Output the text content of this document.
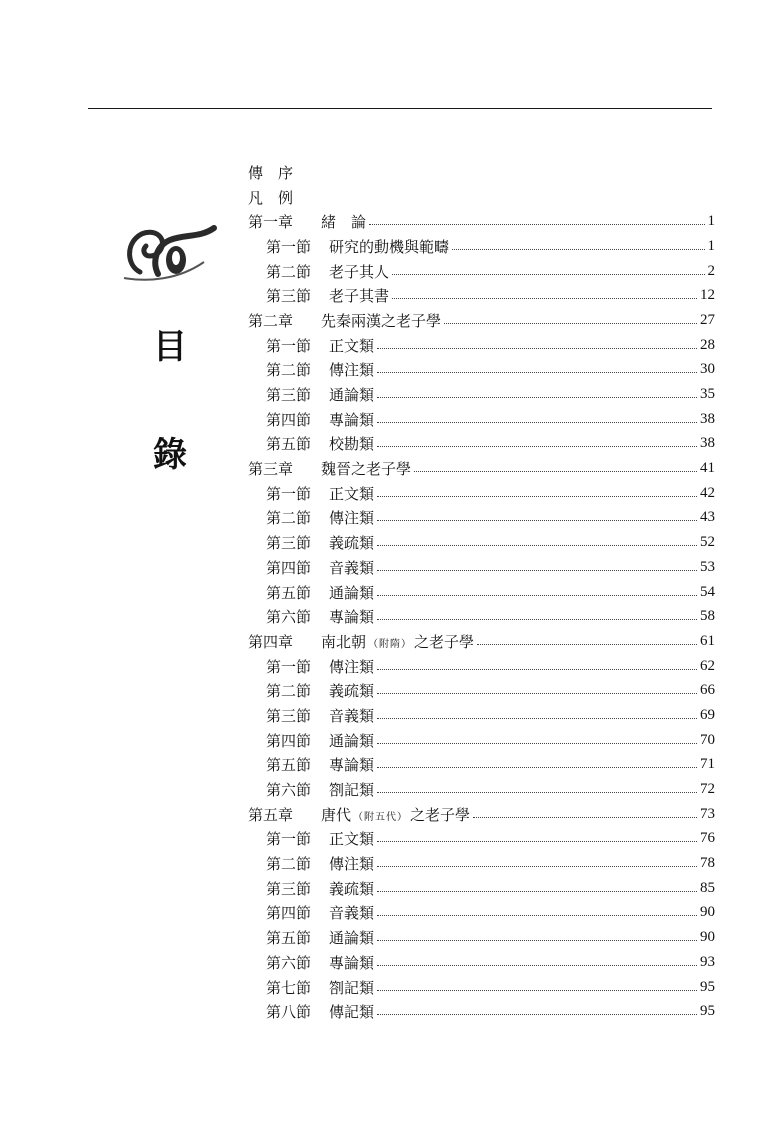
目
錄
傳　序
凡　例
第一章 緒　論	1
第一節 研究的動機與範疇	1
第二節 老子其人	2
第三節 老子其書	12
第二章 先秦兩漢之老子學	27
第一節 正文類	28
第二節 傳注類	30
第三節 通論類	35
第四節 專論類	38
第五節 校勘類	38
第三章 魏晉之老子學	41
第一節 正文類	42
第二節 傳注類	43
第三節 義疏類	52
第四節 音義類	53
第五節 通論類	54
第六節 專論類	58
第四章 南北朝 （附隋） 之老子學	61
第一節 傳注類	62
第二節 義疏類	66
第三節 音義類	69
第四節 通論類	70
第五節 專論類	71
第六節 劄記類	72
第五章 唐代 （附五代） 之老子學	73
第一節 正文類	76
第二節 傳注類	78
第三節 義疏類	85
第四節 音義類	90
第五節 通論類	90
第六節 專論類	93
第七節 劄記類	95
第八節 傳記類	95
